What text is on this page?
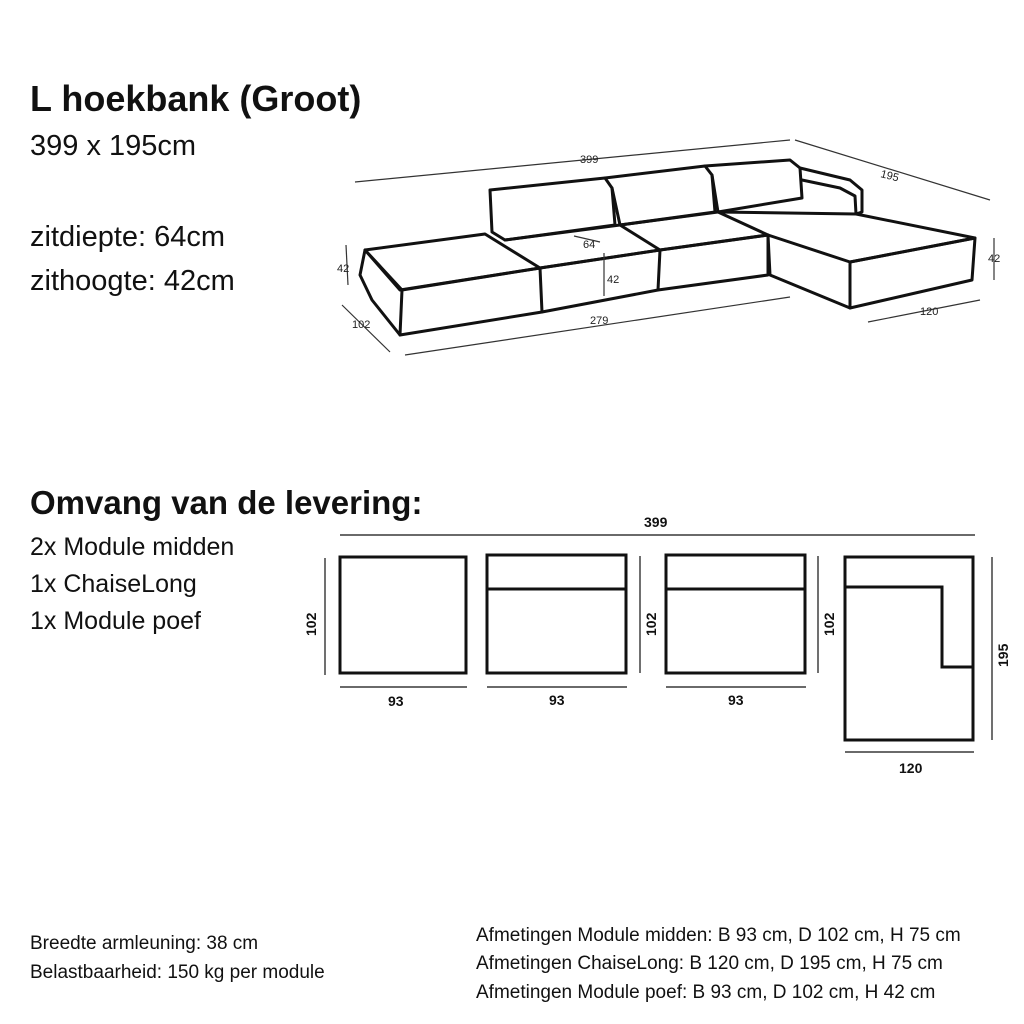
L hoekbank (Groot)
399 x 195cm
zitdiepte: 64cm
zithoogte: 42cm
399
195
42
42
102	279
120
64
42
399
102
93	93
102
93
102
120
195
Omvang van de levering:
2x Module midden
1x ChaiseLong
1x Module poef
Breedte armleuning: 38 cm
Belastbaarheid: 150 kg per module
Afmetingen Module midden: B 93 cm, D 102 cm, H 75 cm
Afmetingen ChaiseLong: B 120 cm, D 195 cm, H 75 cm
Afmetingen Module poef: B 93 cm, D 102 cm, H 42 cm
